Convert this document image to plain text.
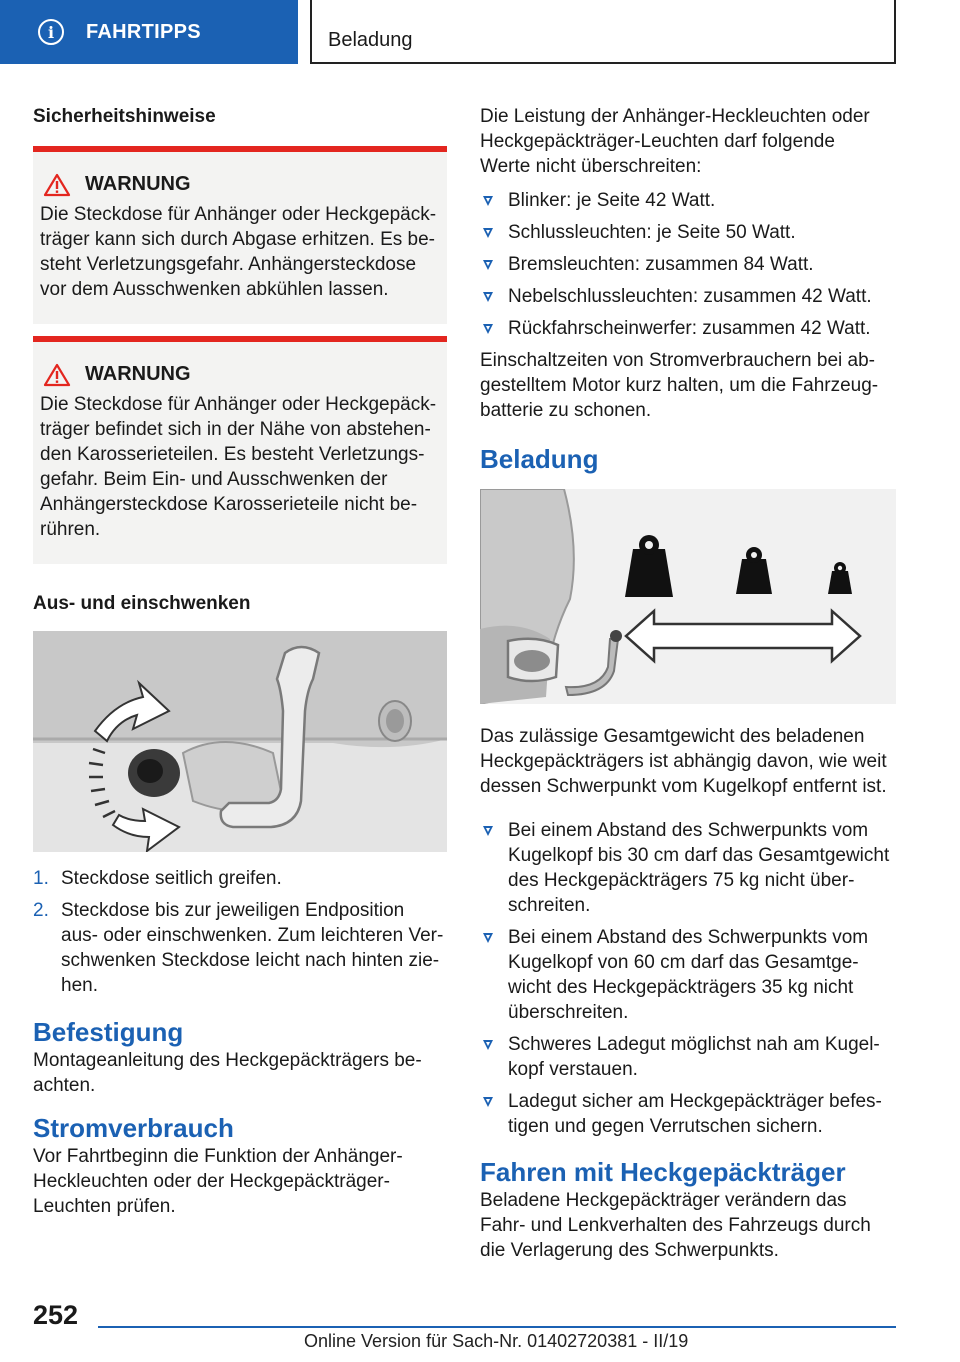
i FAHRTIPPS	Beladung
Sicherheitshinweise
WARNUNG

Die Steckdose für Anhänger oder Heckgepäck-
träger kann sich durch Abgase erhitzen. Es be-
steht Verletzungsgefahr. Anhängersteckdose
vor dem Ausschwenken abkühlen lassen.

WARNUNG

Die Steckdose für Anhänger oder Heckgepäck-
träger befindet sich in der Nähe von abstehen-
den Karosserieteilen. Es besteht Verletzungs-
gefahr. Beim Ein- und Ausschwenken der
Anhängersteckdose Karosserieteile nicht be-
rühren.

Aus- und einschwenken
1. Steckdose seitlich greifen.
2. Steckdose bis zur jeweiligen Endposition
aus- oder einschwenken. Zum leichteren Ver-
schwenken Steckdose leicht nach hinten zie-
hen.
Befestigung

Montageanleitung des Heckgepäckträgers be-
achten.

Stromverbrauch

Vor Fahrtbeginn die Funktion der Anhänger-
Heckleuchten oder der Heckgepäckträger-
Leuchten prüfen.

Die Leistung der Anhänger-Heckleuchten oder
Heckgepäckträger-Leuchten darf folgende
Werte nicht überschreiten:

Blinker: je Seite 42 Watt.
Schlussleuchten: je Seite 50 Watt.
Bremsleuchten: zusammen 84 Watt.
Nebelschlussleuchten: zusammen 42 Watt.
Rückfahrscheinwerfer: zusammen 42 Watt.

Einschaltzeiten von Stromverbrauchern bei ab-
gestelltem Motor kurz halten, um die Fahrzeug-
batterie zu schonen.

Beladung

Das zulässige Gesamtgewicht des beladenen
Heckgepäckträgers ist abhängig davon, wie weit
dessen Schwerpunkt vom Kugelkopf entfernt ist.

Bei einem Abstand des Schwerpunkts vom
Kugelkopf bis 30 cm darf das Gesamtgewicht
des Heckgepäckträgers 75 kg nicht über-
schreiten.
Bei einem Abstand des Schwerpunkts vom
Kugelkopf von 60 cm darf das Gesamtge-
wicht des Heckgepäckträgers 35 kg nicht
überschreiten.
Schweres Ladegut möglichst nah am Kugel-
kopf verstauen.
Ladegut sicher am Heckgepäckträger befes-
tigen und gegen Verrutschen sichern.
Fahren mit Heckgepäckträger

Beladene Heckgepäckträger verändern das
Fahr- und Lenkverhalten des Fahrzeugs durch
die Verlagerung des Schwerpunkts.

252
Online Version für Sach-Nr. 01402720381 - II/19
